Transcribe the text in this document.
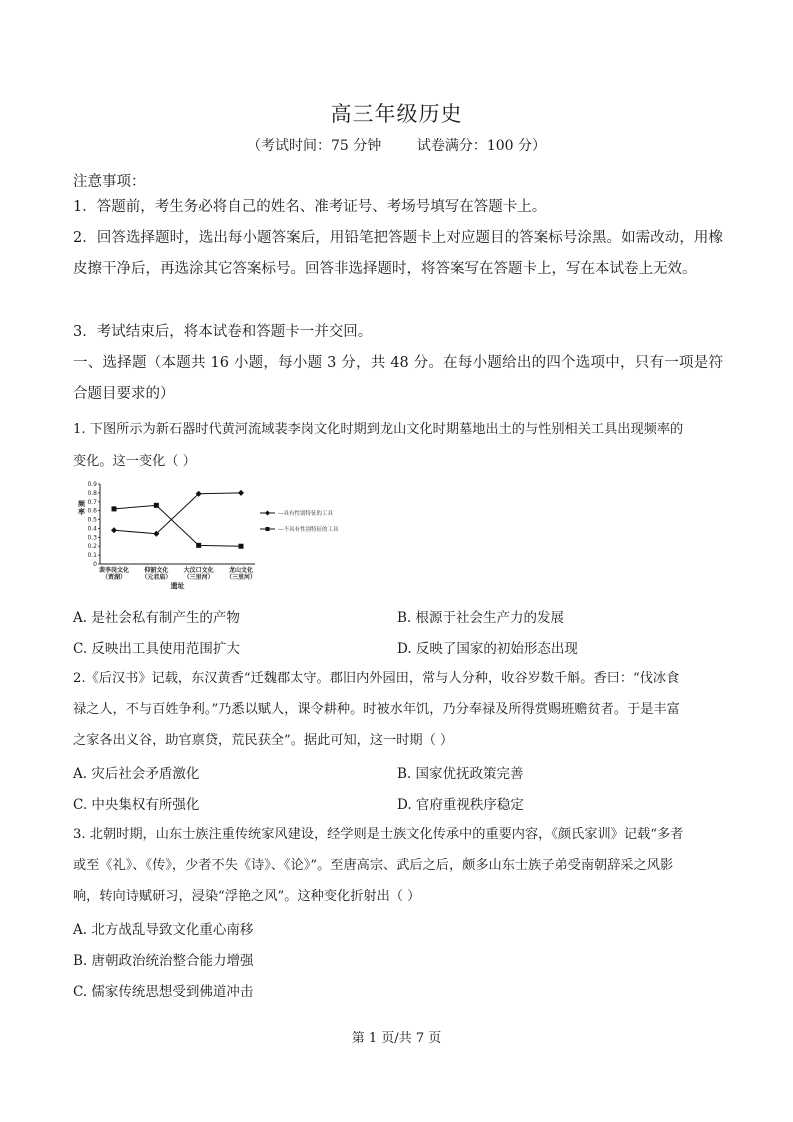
高三年级历史
（考试时间：75 分钟        试卷满分：100 分）
注意事项：
1．答题前，考生务必将自己的姓名、准考证号、考场号填写在答题卡上。
2．回答选择题时，选出每小题答案后，用铅笔把答题卡上对应题目的答案标号涂黑。如需改动，用橡皮擦干净后，再选涂其它答案标号。回答非选择题时，将答案写在答题卡上，写在本试卷上无效。
3．考试结束后，将本试卷和答题卡一并交回。
一、选择题（本题共 16 小题，每小题 3 分，共 48 分。在每小题给出的四个选项中，只有一项是符合题目要求的）
1. 下图所示为新石器时代黄河流域裴李岗文化时期到龙山文化时期墓地出土的与性别相关工具出现频率的
变化。这一变化（ ）
0
0.1
0.2
0.3
0.4
0.5
0.6
0.7
0.8
0.9
裴李岗文化
（贾湖）
仰韶文化
（元君庙）
大汶口文化
（三里河）
龙山文化
（三里河）
—具有性别特征的工具
—不具有性别特征的工具
频率
遗址
A. 是社会私有制产生的产物	B. 根源于社会生产力的发展
C. 反映出工具使用范围扩大	D. 反映了国家的初始形态出现
2.《后汉书》记载，东汉黄香“迁魏郡太守。郡旧内外园田，常与人分种，收谷岁数千斛。香曰：“伐冰食
禄之人，不与百姓争利。”乃悉以赋人，课令耕种。时被水年饥，乃分奉禄及所得赏赐班赡贫者。于是丰富
之家各出义谷，助官禀贷，荒民获全”。据此可知，这一时期（ ）
A. 灾后社会矛盾激化	B. 国家优抚政策完善
C. 中央集权有所强化	D. 官府重视秩序稳定
3. 北朝时期，山东士族注重传统家风建设，经学则是士族文化传承中的重要内容，《颜氏家训》记载“多者
或至《礼》、《传》，少者不失《诗》、《论》”。至唐高宗、武后之后，颇多山东士族子弟受南朝辞采之风影
响，转向诗赋研习，浸染“浮艳之风”。这种变化折射出（ ）
A. 北方战乱导致文化重心南移
B. 唐朝政治统治整合能力增强
C. 儒家传统思想受到佛道冲击
第 1 页/共 7 页
